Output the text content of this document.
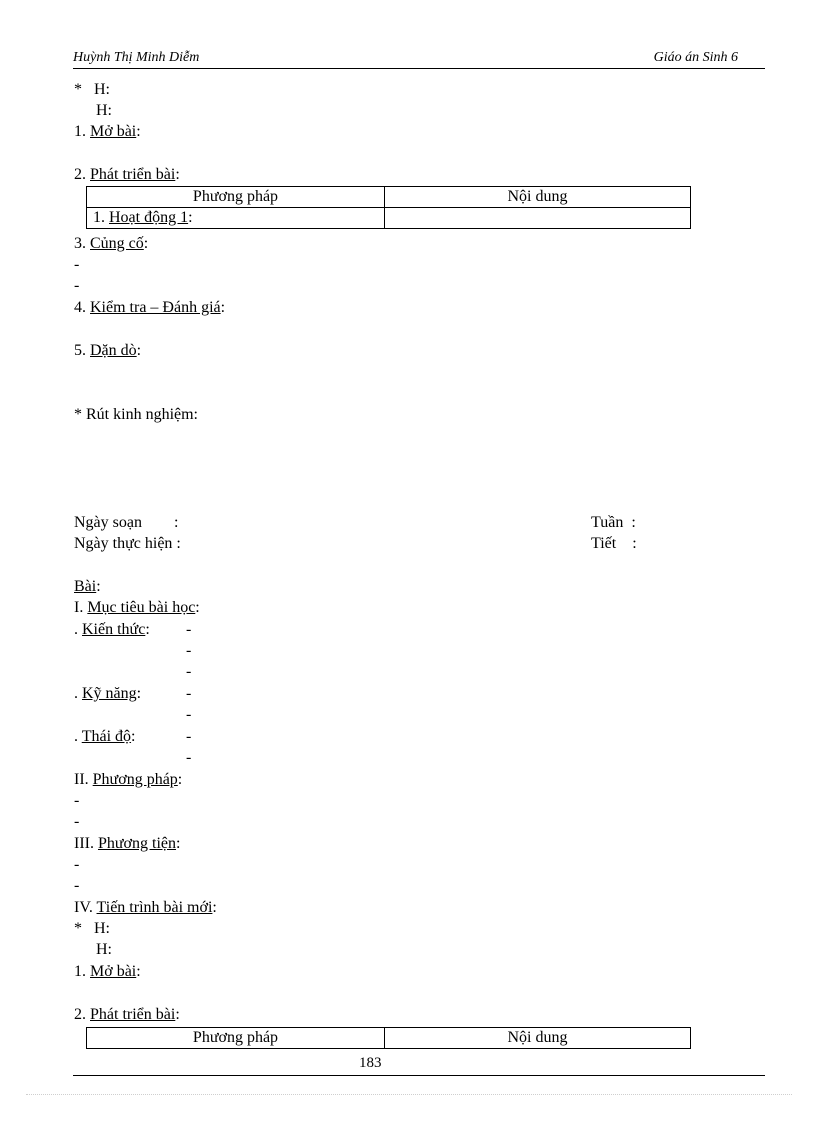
Huỳnh Thị Minh Diễm	Giáo án Sinh 6
*   H:
H:
1. Mở bài:
2. Phát triển bài:
Phương pháp	Nội dung
1. Hoạt động 1:	
3. Củng cố:
-
-
4. Kiểm tra – Đánh giá:
5. Dặn dò:
* Rút kinh nghiệm:
Ngày soạn        :	Tuần  :
Ngày thực hiện :	Tiết    :
Bài:
I. Mục tiêu bài học:
. Kiến thức: -
-
-
. Kỹ năng:	-
-
. Thái độ:	-
-
II. Phương pháp:
-
-
III. Phương tiện:
-
-
IV. Tiến trình bài mới:
*   H:
H:
1. Mở bài:
2. Phát triển bài:
Phương pháp	Nội dung
183
